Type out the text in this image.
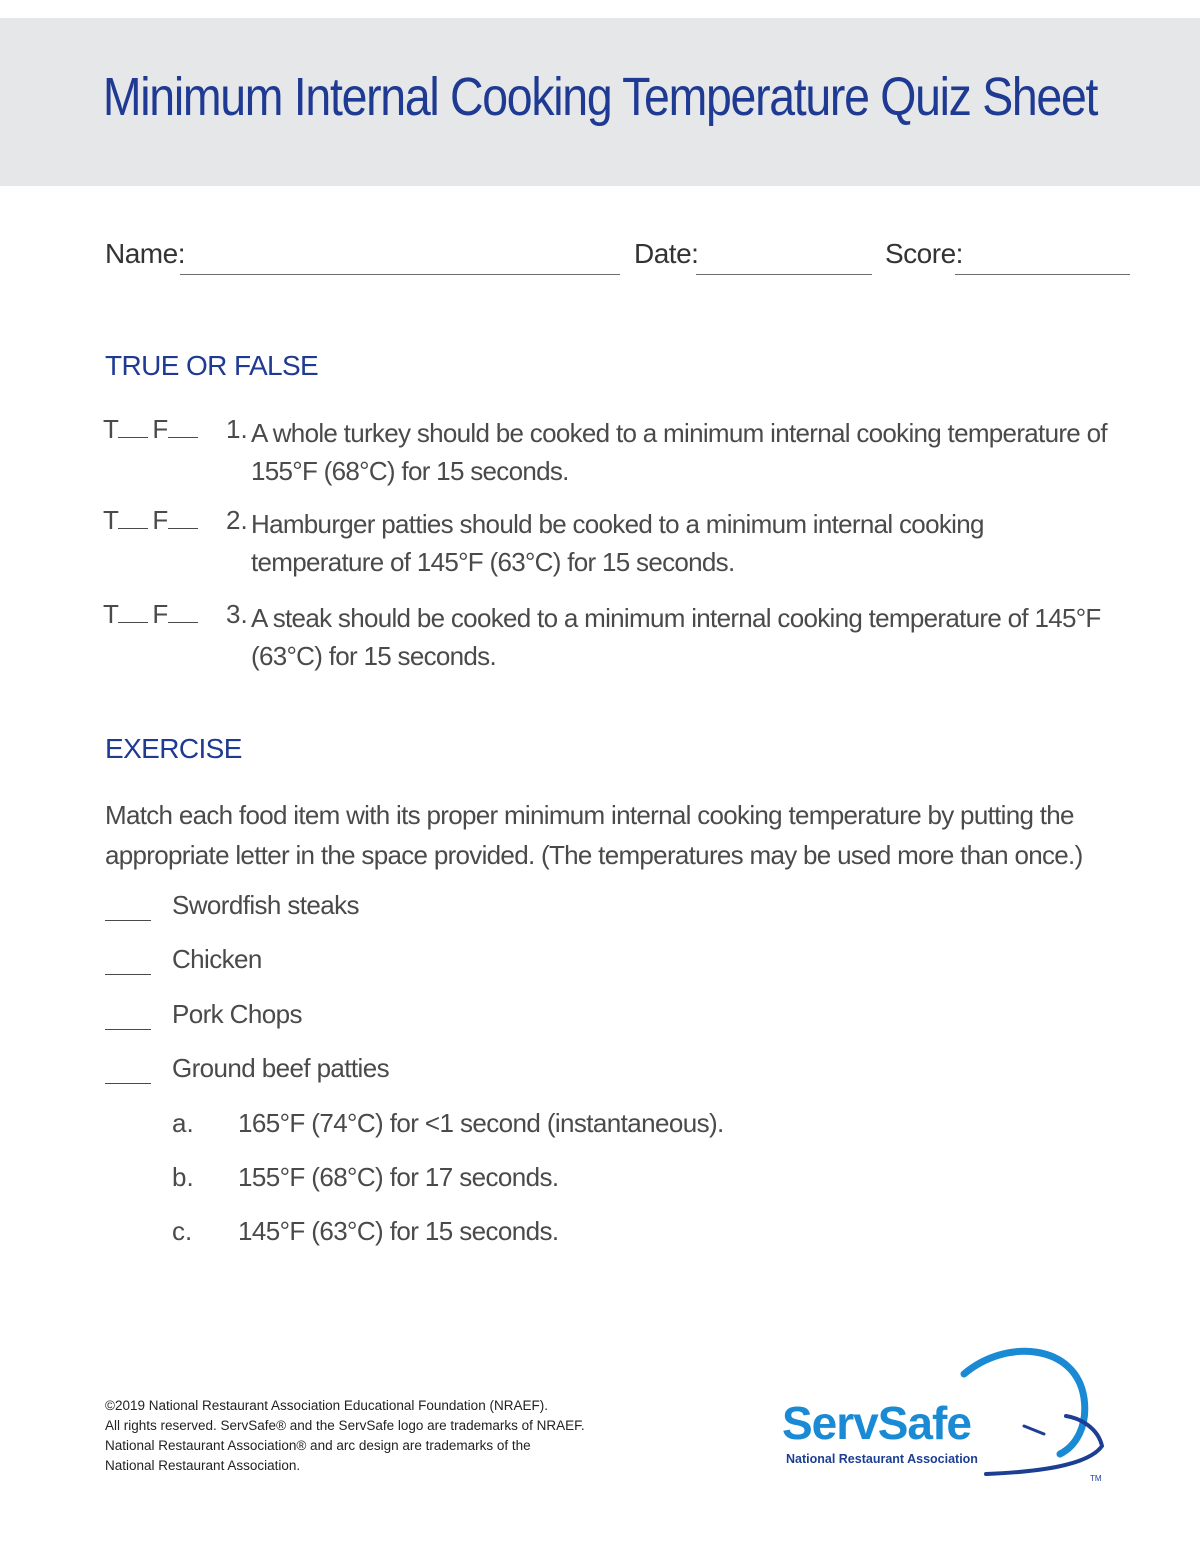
Minimum Internal Cooking Temperature Quiz Sheet
Name:	Date:	Score:
TRUE OR FALSE
T F	1. A whole turkey should be cooked to a minimum internal cooking temperature of 155°F (68°C) for 15 seconds.
T F	2. Hamburger patties should be cooked to a minimum internal cooking temperature of 145°F (63°C) for 15 seconds.
T F	3. A steak should be cooked to a minimum internal cooking temperature of 145°F (63°C) for 15 seconds.
EXERCISE
Match each food item with its proper minimum internal cooking temperature by putting the appropriate letter in the space provided. (The temperatures may be used more than once.)
Swordfish steaks
Chicken
Pork Chops
Ground beef patties
a. 165°F (74°C) for <1 second (instantaneous).
b. 155°F (68°C) for 17 seconds.
c. 145°F (63°C) for 15 seconds.
©2019 National Restaurant Association Educational Foundation (NRAEF).
All rights reserved. ServSafe® and the ServSafe logo are trademarks of NRAEF.
National Restaurant Association® and arc design are trademarks of the
National Restaurant Association.
ServSafe
National Restaurant Association
TM
